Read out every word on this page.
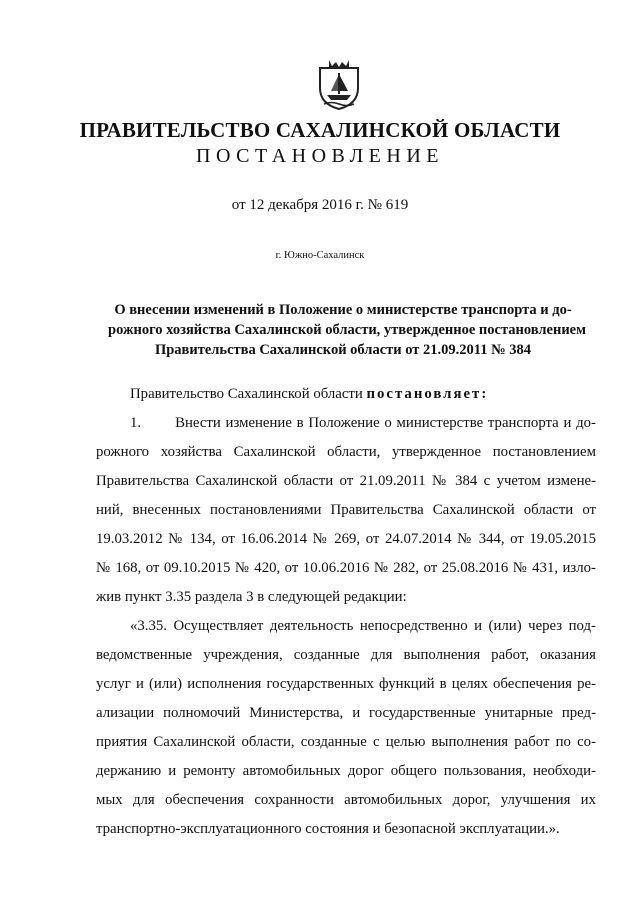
ПРАВИТЕЛЬСТВО САХАЛИНСКОЙ ОБЛАСТИ
ПОСТАНОВЛЕНИЕ
от 12 декабря 2016 г. № 619
г. Южно-Сахалинск
О внесении изменений в Положение о министерстве транспорта и до-
рожного хозяйства Сахалинской области, утвержденное постановлением
Правительства Сахалинской области от 21.09.2011 № 384
Правительство Сахалинской области постановляет:
1. Внести изменение в Положение о министерстве транспорта и до-
рожного хозяйства Сахалинской области, утвержденное постановлением
Правительства Сахалинской области от 21.09.2011 № 384 с учетом измене-
ний, внесенных постановлениями Правительства Сахалинской области от
19.03.2012 № 134, от 16.06.2014 № 269, от 24.07.2014 № 344, от 19.05.2015
№ 168, от 09.10.2015 № 420, от 10.06.2016 № 282, от 25.08.2016 № 431, изло-
жив пункт 3.35 раздела 3 в следующей редакции:
«3.35. Осуществляет деятельность непосредственно и (или) через под-
ведомственные учреждения, созданные для выполнения работ, оказания
услуг и (или) исполнения государственных функций в целях обеспечения ре-
ализации полномочий Министерства, и государственные унитарные пред-
приятия Сахалинской области, созданные с целью выполнения работ по со-
держанию и ремонту автомобильных дорог общего пользования, необходи-
мых для обеспечения сохранности автомобильных дорог, улучшения их
транспортно-эксплуатационного состояния и безопасной эксплуатации.».
